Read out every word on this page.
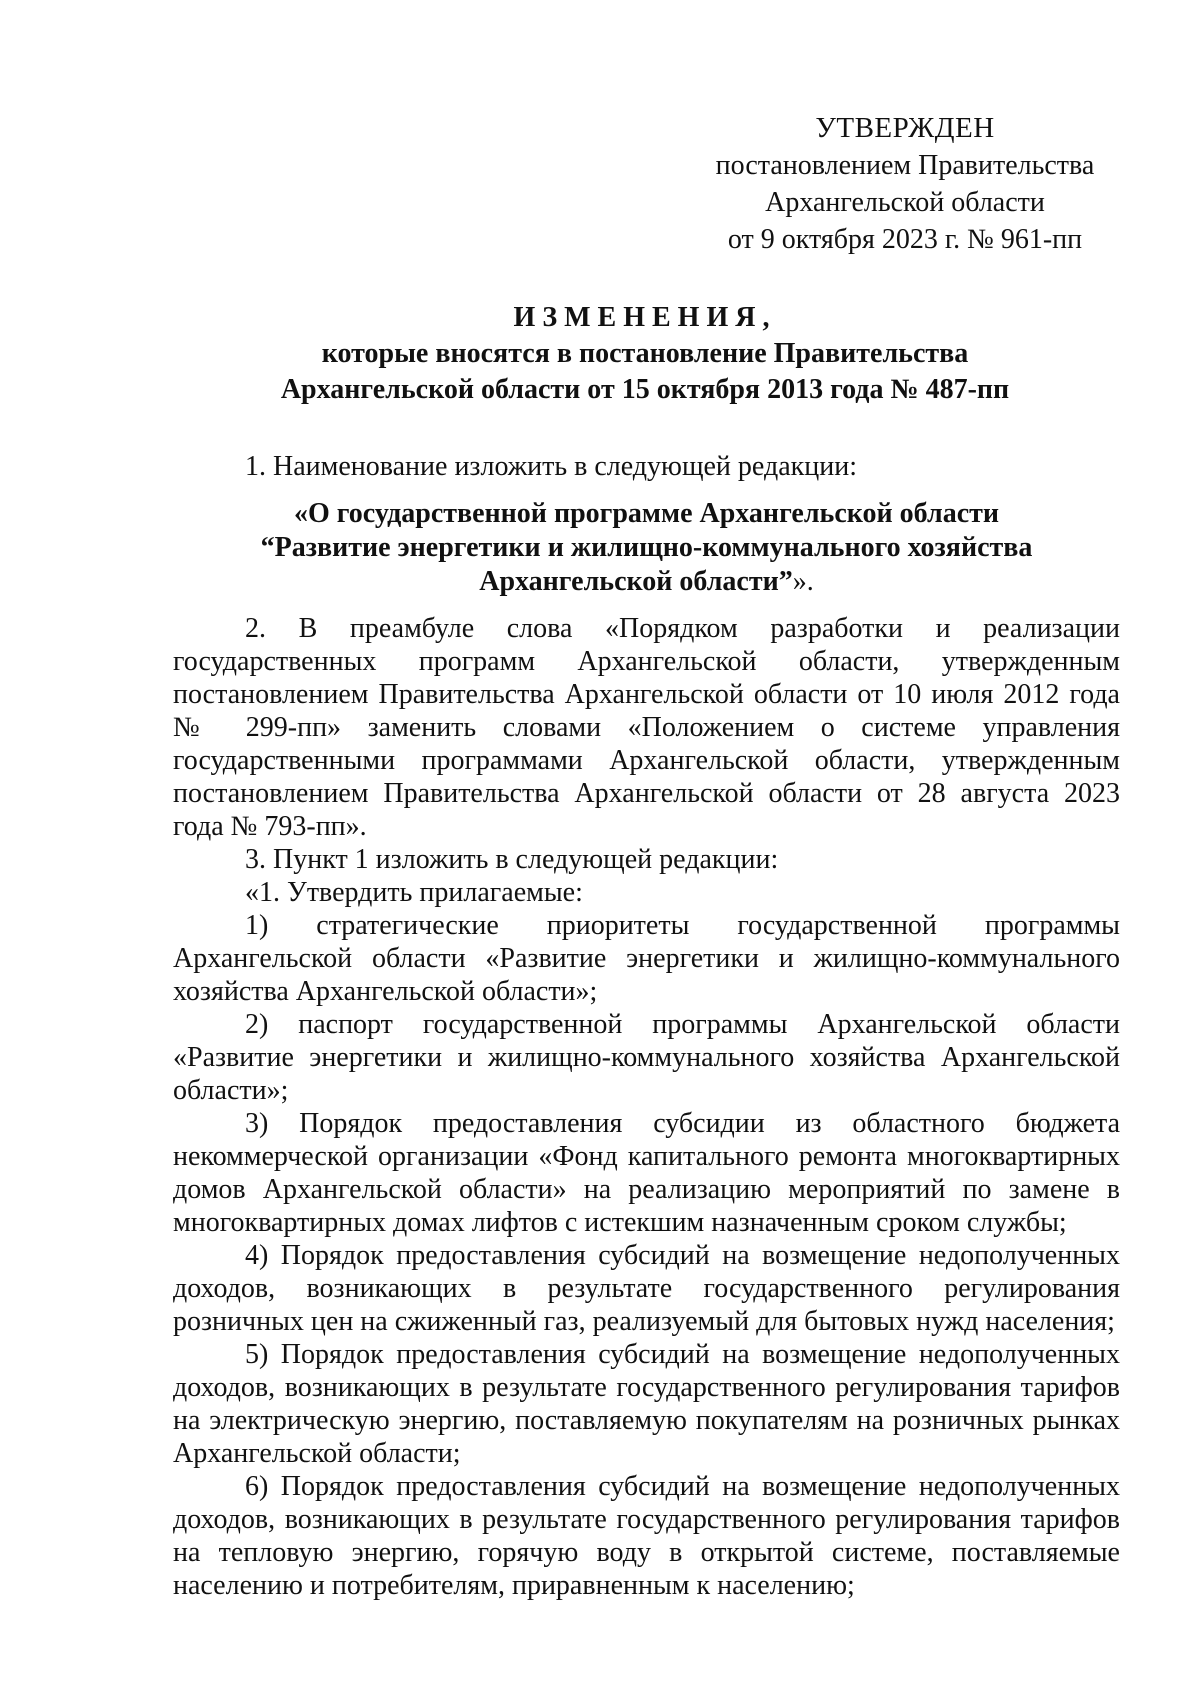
УТВЕРЖДЕН
постановлением Правительства
Архангельской области
от 9 октября 2023 г. № 961-пп
ИЗМЕНЕНИЯ,
которые вносятся в постановление Правительства
Архангельской области от 15 октября 2013 года № 487-пп

1. Наименование изложить в следующей редакции:

«О государственной программе Архангельской области
“Развитие энергетики и жилищно-коммунального хозяйства
Архангельской области”».

2. В преамбуле слова «Порядком разработки и реализации государственных программ Архангельской области, утвержденным постановлением Правительства Архангельской области от 10 июля 2012 года № 299-пп» заменить словами «Положением о системе управления государственными программами Архангельской области, утвержденным постановлением Правительства Архангельской области от 28 августа 2023 года № 793-пп».

3. Пункт 1 изложить в следующей редакции:

«1. Утвердить прилагаемые:

1) стратегические приоритеты государственной программы Архангельской области «Развитие энергетики и жилищно-коммунального хозяйства Архангельской области»;

2) паспорт государственной программы Архангельской области «Развитие энергетики и жилищно-коммунального хозяйства Архангельской области»;

3) Порядок предоставления субсидии из областного бюджета некоммерческой организации «Фонд капитального ремонта многоквартирных домов Архангельской области» на реализацию мероприятий по замене в многоквартирных домах лифтов с истекшим назначенным сроком службы;

4) Порядок предоставления субсидий на возмещение недополученных доходов, возникающих в результате государственного регулирования розничных цен на сжиженный газ, реализуемый для бытовых нужд населения;

5) Порядок предоставления субсидий на возмещение недополученных доходов, возникающих в результате государственного регулирования тарифов на электрическую энергию, поставляемую покупателям на розничных рынках Архангельской области;

6) Порядок предоставления субсидий на возмещение недополученных доходов, возникающих в результате государственного регулирования тарифов на тепловую энергию, горячую воду в открытой системе, поставляемые населению и потребителям, приравненным к населению;
